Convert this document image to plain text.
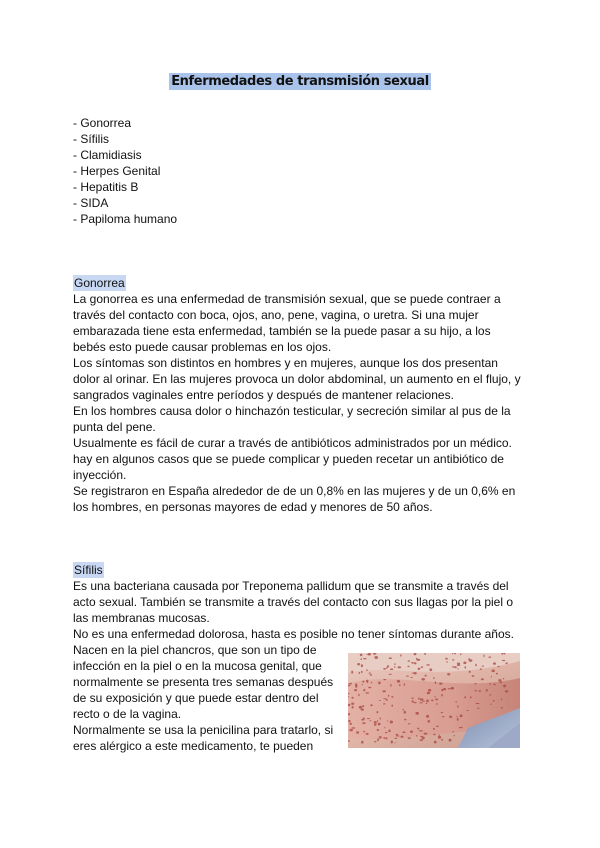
Enfermedades de transmisión sexual
- Gonorrea
- Sífilis
- Clamidiasis
- Herpes Genital
- Hepatitis B
- SIDA
- Papiloma humano
Gonorrea

La gonorrea es una enfermedad de transmisión sexual, que se puede contraer a

través del contacto con boca, ojos, ano, pene, vagina, o uretra. Si una mujer

embarazada tiene esta enfermedad, también se la puede pasar a su hijo, a los

bebés esto puede causar problemas en los ojos.

Los síntomas son distintos en hombres y en mujeres, aunque los dos presentan

dolor al orinar. En las mujeres provoca un dolor abdominal, un aumento en el flujo, y

sangrados vaginales entre períodos y después de mantener relaciones.

En los hombres causa dolor o hinchazón testicular, y secreción similar al pus de la

punta del pene.

Usualmente es fácil de curar a través de antibióticos administrados por un médico.

hay en algunos casos que se puede complicar y pueden recetar un antibiótico de

inyección.

Se registraron en España alrededor de de un 0,8% en las mujeres y de un 0,6% en

los hombres, en personas mayores de edad y menores de 50 años.

Sífilis

Es una bacteriana causada por Treponema pallidum que se transmite a través del

acto sexual. También se transmite a través del contacto con sus llagas por la piel o

las membranas mucosas.

No es una enfermedad dolorosa, hasta es posible no tener síntomas durante años.

Nacen en la piel chancros, que son un tipo de

infección en la piel o en la mucosa genital, que

normalmente se presenta tres semanas después

de su exposición y que puede estar dentro del

recto o de la vagina.

Normalmente se usa la penicilina para tratarlo, si

eres alérgico a este medicamento, te pueden
